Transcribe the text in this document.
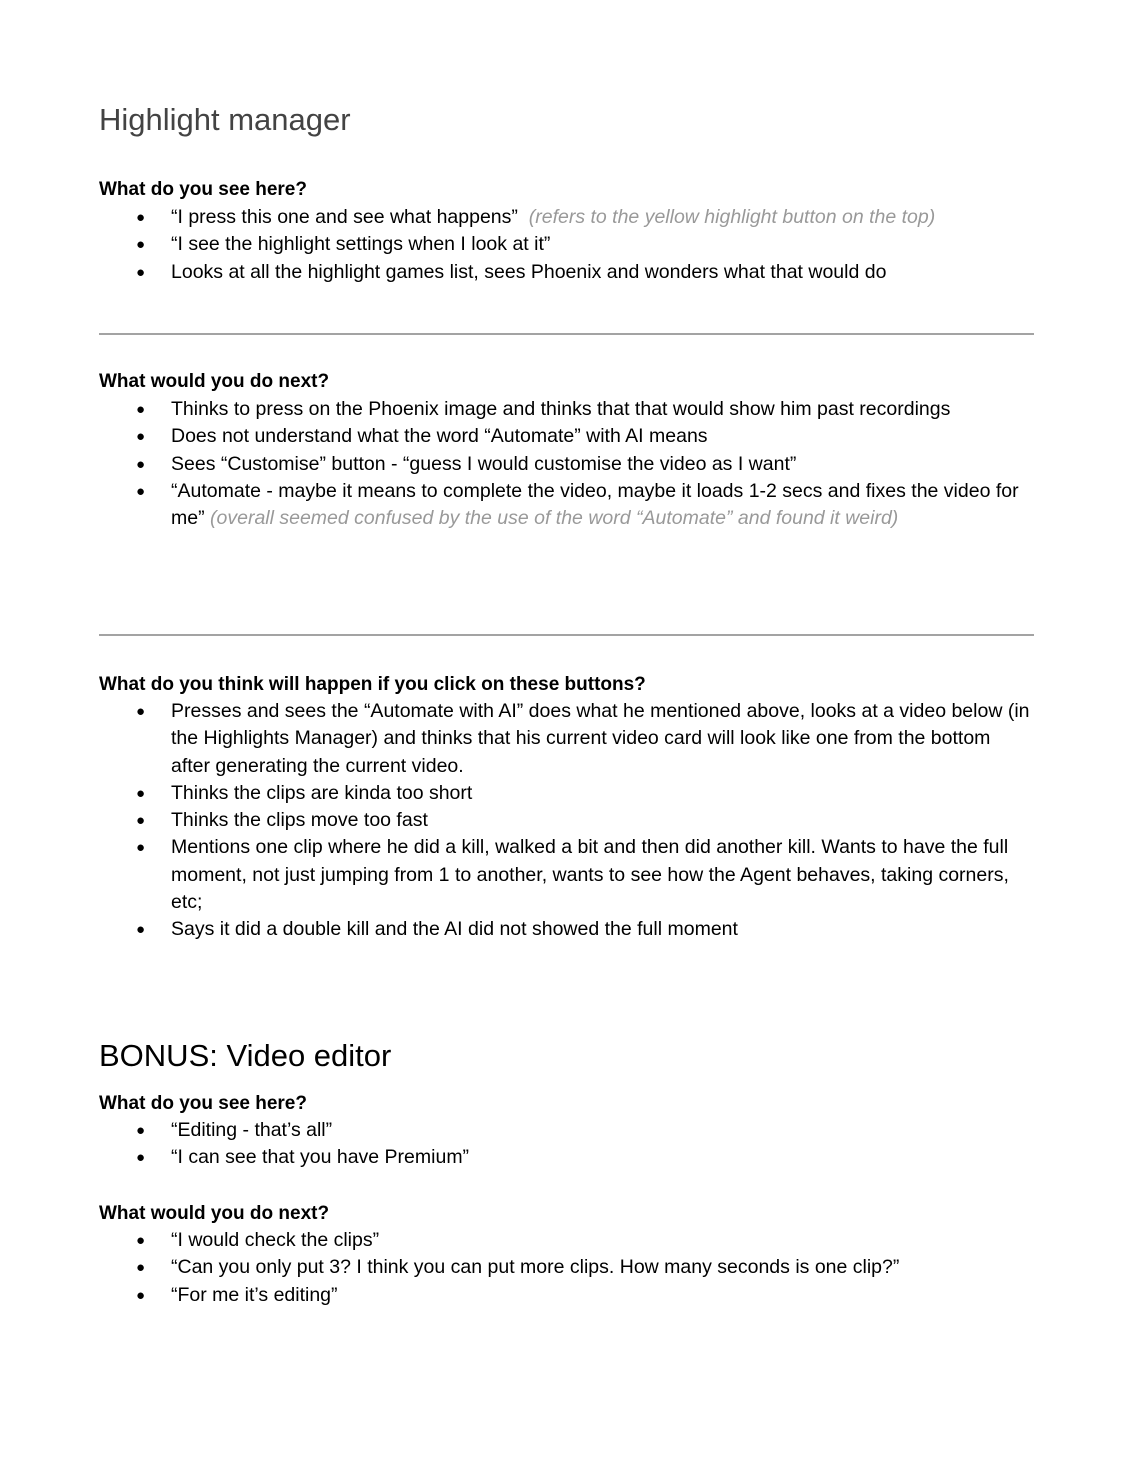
Highlight manager
What do you see here?
● “I press this one and see what happens” (refers to the yellow highlight button on the top)
● “I see the highlight settings when I look at it”
● Looks at all the highlight games list, sees Phoenix and wonders what that would do
What would you do next?
● Thinks to press on the Phoenix image and thinks that that would show him past recordings
● Does not understand what the word “Automate” with AI means
● Sees “Customise” button - “guess I would customise the video as I want”
● “Automate - maybe it means to complete the video, maybe it loads 1-2 secs and fixes the video for me” (overall seemed confused by the use of the word “Automate” and found it weird)
What do you think will happen if you click on these buttons?
● Presses and sees the “Automate with AI” does what he mentioned above, looks at a video below (in the Highlights Manager) and thinks that his current video card will look like one from the bottom after generating the current video.
● Thinks the clips are kinda too short
● Thinks the clips move too fast
● Mentions one clip where he did a kill, walked a bit and then did another kill. Wants to have the full moment, not just jumping from 1 to another, wants to see how the Agent behaves, taking corners, etc;
● Says it did a double kill and the AI did not showed the full moment
BONUS: Video editor
What do you see here?
● “Editing - that’s all”
● “I can see that you have Premium”
What would you do next?
● “I would check the clips”
● “Can you only put 3? I think you can put more clips. How many seconds is one clip?”
● “For me it’s editing”
